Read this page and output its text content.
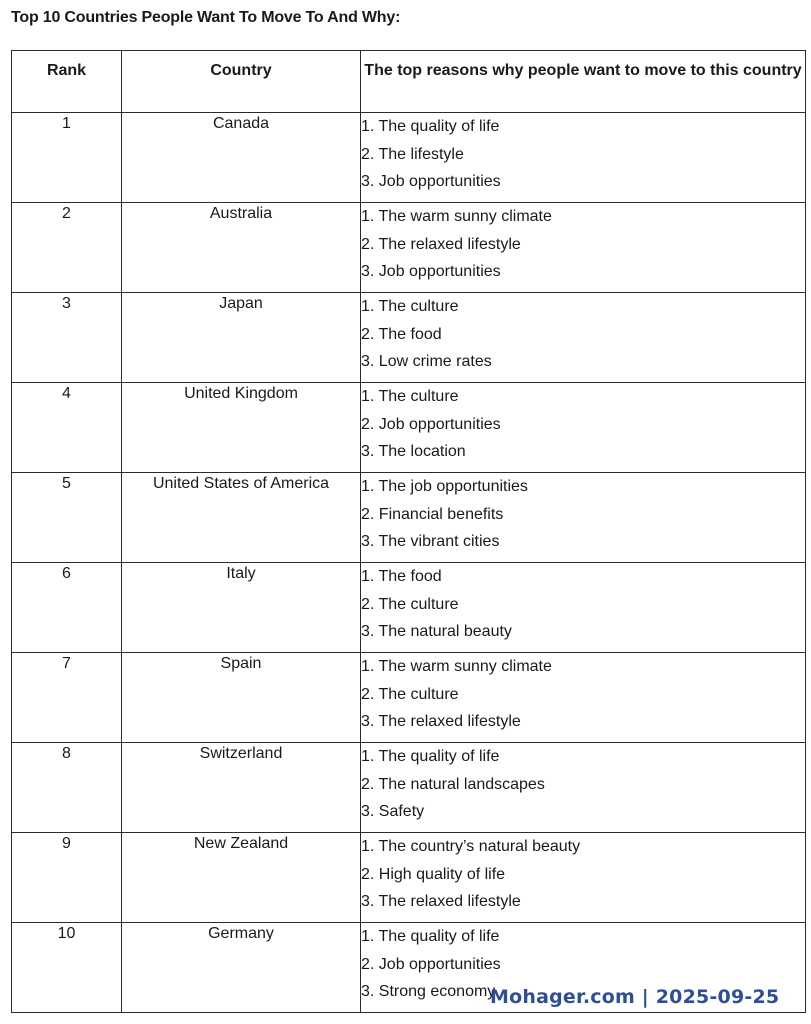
Top 10 Countries People Want To Move To And Why:
Rank	Country	The top reasons why people want to move to this country
1	Canada	1. The quality of life
2. The lifestyle
3. Job opportunities

2	Australia	1. The warm sunny climate
2. The relaxed lifestyle
3. Job opportunities

3	Japan	1. The culture
2. The food
3. Low crime rates

4	United Kingdom	1. The culture
2. Job opportunities
3. The location

5	United States of America	1. The job opportunities
2. Financial benefits
3. The vibrant cities

6	Italy	1. The food
2. The culture
3. The natural beauty

7	Spain	1. The warm sunny climate
2. The culture
3. The relaxed lifestyle

8	Switzerland	1. The quality of life
2. The natural landscapes
3. Safety

9	New Zealand	1. The country’s natural beauty
2. High quality of life
3. The relaxed lifestyle

10	Germany	1. The quality of life
2. Job opportunities
3. Strong economy
Mohager.com | 2025-09-25
